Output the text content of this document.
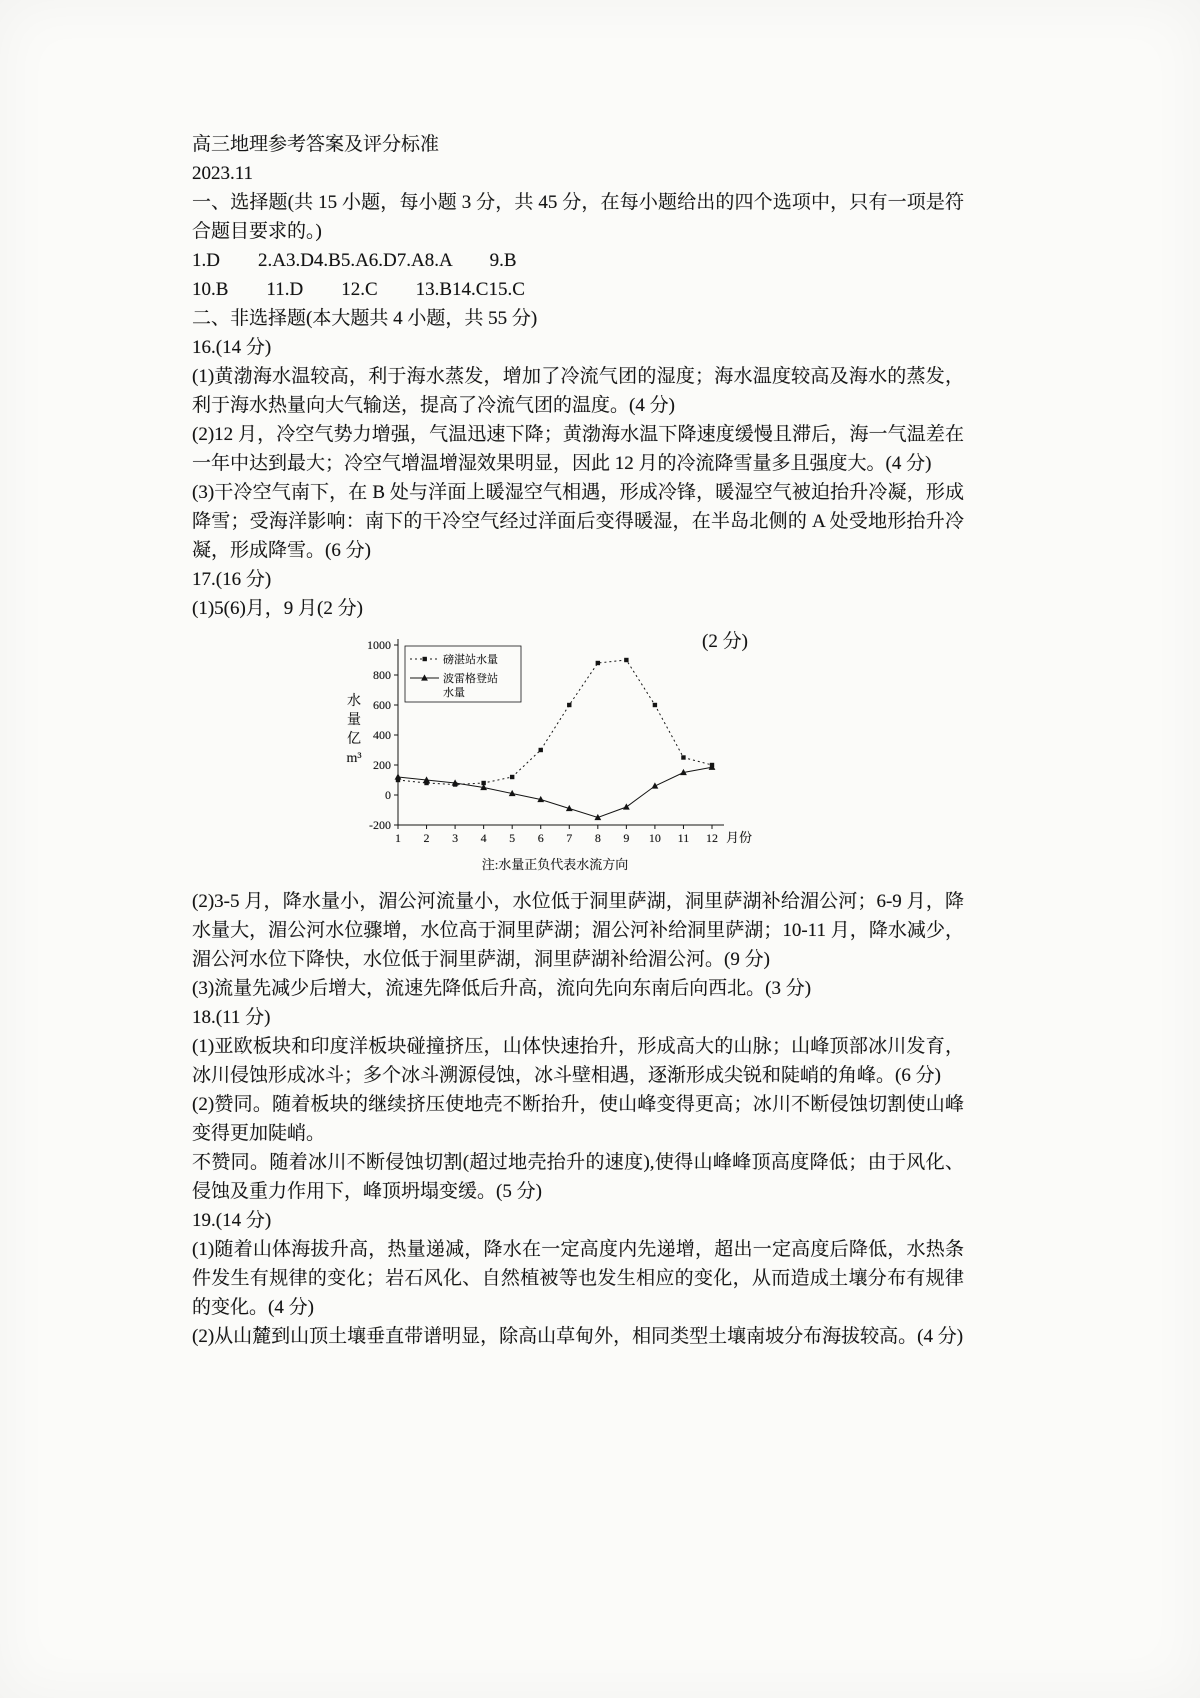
高三地理参考答案及评分标准

2023.11

一、选择题(共 15 小题，每小题 3 分，共 45 分，在每小题给出的四个选项中，只有一项是符合题目要求的。)

1.D　　2.A3.D4.B5.A6.D7.A8.A　　9.B

10.B　　11.D　　12.C　　13.B14.C15.C

二、非选择题(本大题共 4 小题，共 55 分)

16.(14 分)

(1)黄渤海水温较高，利于海水蒸发，增加了冷流气团的湿度；海水温度较高及海水的蒸发，利于海水热量向大气输送，提高了冷流气团的温度。(4 分)

(2)12 月，冷空气势力增强，气温迅速下降；黄渤海水温下降速度缓慢且滞后，海一气温差在一年中达到最大；冷空气增温增湿效果明显，因此 12 月的冷流降雪量多且强度大。(4 分)

(3)干冷空气南下，在 B 处与洋面上暖湿空气相遇，形成冷锋，暖湿空气被迫抬升冷凝，形成降雪；受海洋影响：南下的干冷空气经过洋面后变得暖湿，在半岛北侧的 A 处受地形抬升冷凝，形成降雪。(6 分)

17.(16 分)

(1)5(6)月，9 月(2 分)

1000
800
600
400
200
0
-200
1 2 3 4 5 6 7 8 9 10 11 12 月份
水
量
亿
m³
磅湛站水量
波雷格登站
水量
注:水量正负代表水流方向
(2 分)

(2)3-5 月，降水量小，湄公河流量小，水位低于洞里萨湖，洞里萨湖补给湄公河；6-9 月，降水量大，湄公河水位骤增，水位高于洞里萨湖；湄公河补给洞里萨湖；10-11 月，降水减少，湄公河水位下降快，水位低于洞里萨湖，洞里萨湖补给湄公河。(9 分)

(3)流量先减少后增大，流速先降低后升高，流向先向东南后向西北。(3 分)

18.(11 分)

(1)亚欧板块和印度洋板块碰撞挤压，山体快速抬升，形成高大的山脉；山峰顶部冰川发育，冰川侵蚀形成冰斗；多个冰斗溯源侵蚀，冰斗壁相遇，逐渐形成尖锐和陡峭的角峰。(6 分)

(2)赞同。随着板块的继续挤压使地壳不断抬升，使山峰变得更高；冰川不断侵蚀切割使山峰变得更加陡峭。

不赞同。随着冰川不断侵蚀切割(超过地壳抬升的速度),使得山峰峰顶高度降低；由于风化、侵蚀及重力作用下，峰顶坍塌变缓。(5 分)

19.(14 分)

(1)随着山体海拔升高，热量递减，降水在一定高度内先递增，超出一定高度后降低，水热条件发生有规律的变化；岩石风化、自然植被等也发生相应的变化，从而造成土壤分布有规律的变化。(4 分)

(2)从山麓到山顶土壤垂直带谱明显，除高山草甸外，相同类型土壤南坡分布海拔较高。(4 分)
